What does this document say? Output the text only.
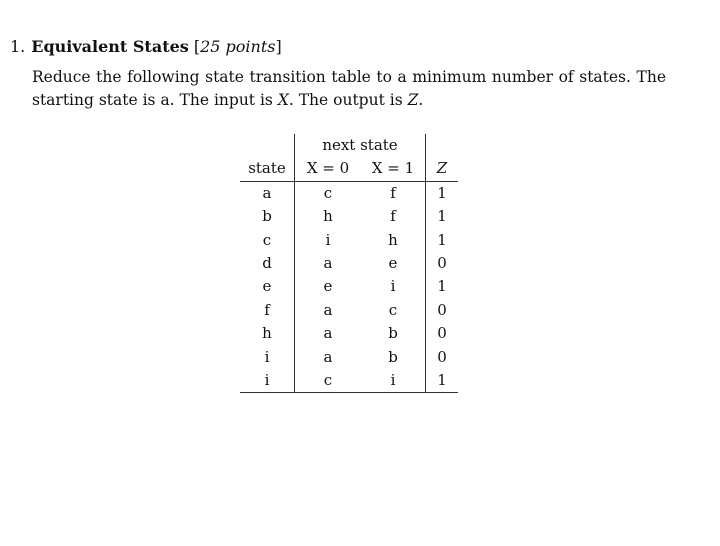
1. Equivalent States [25 points]
Reduce the following state transition table to a minimum number of states. The starting state is a. The input is X. The output is Z.
	next state		
state	X = 0	X = 1	Z
a	c	f	1
b	h	f	1
c	i	h	1
d	a	e	0
e	e	i	1
f	a	c	0
h	a	b	0
i	a	b	0
i	c	i	1
